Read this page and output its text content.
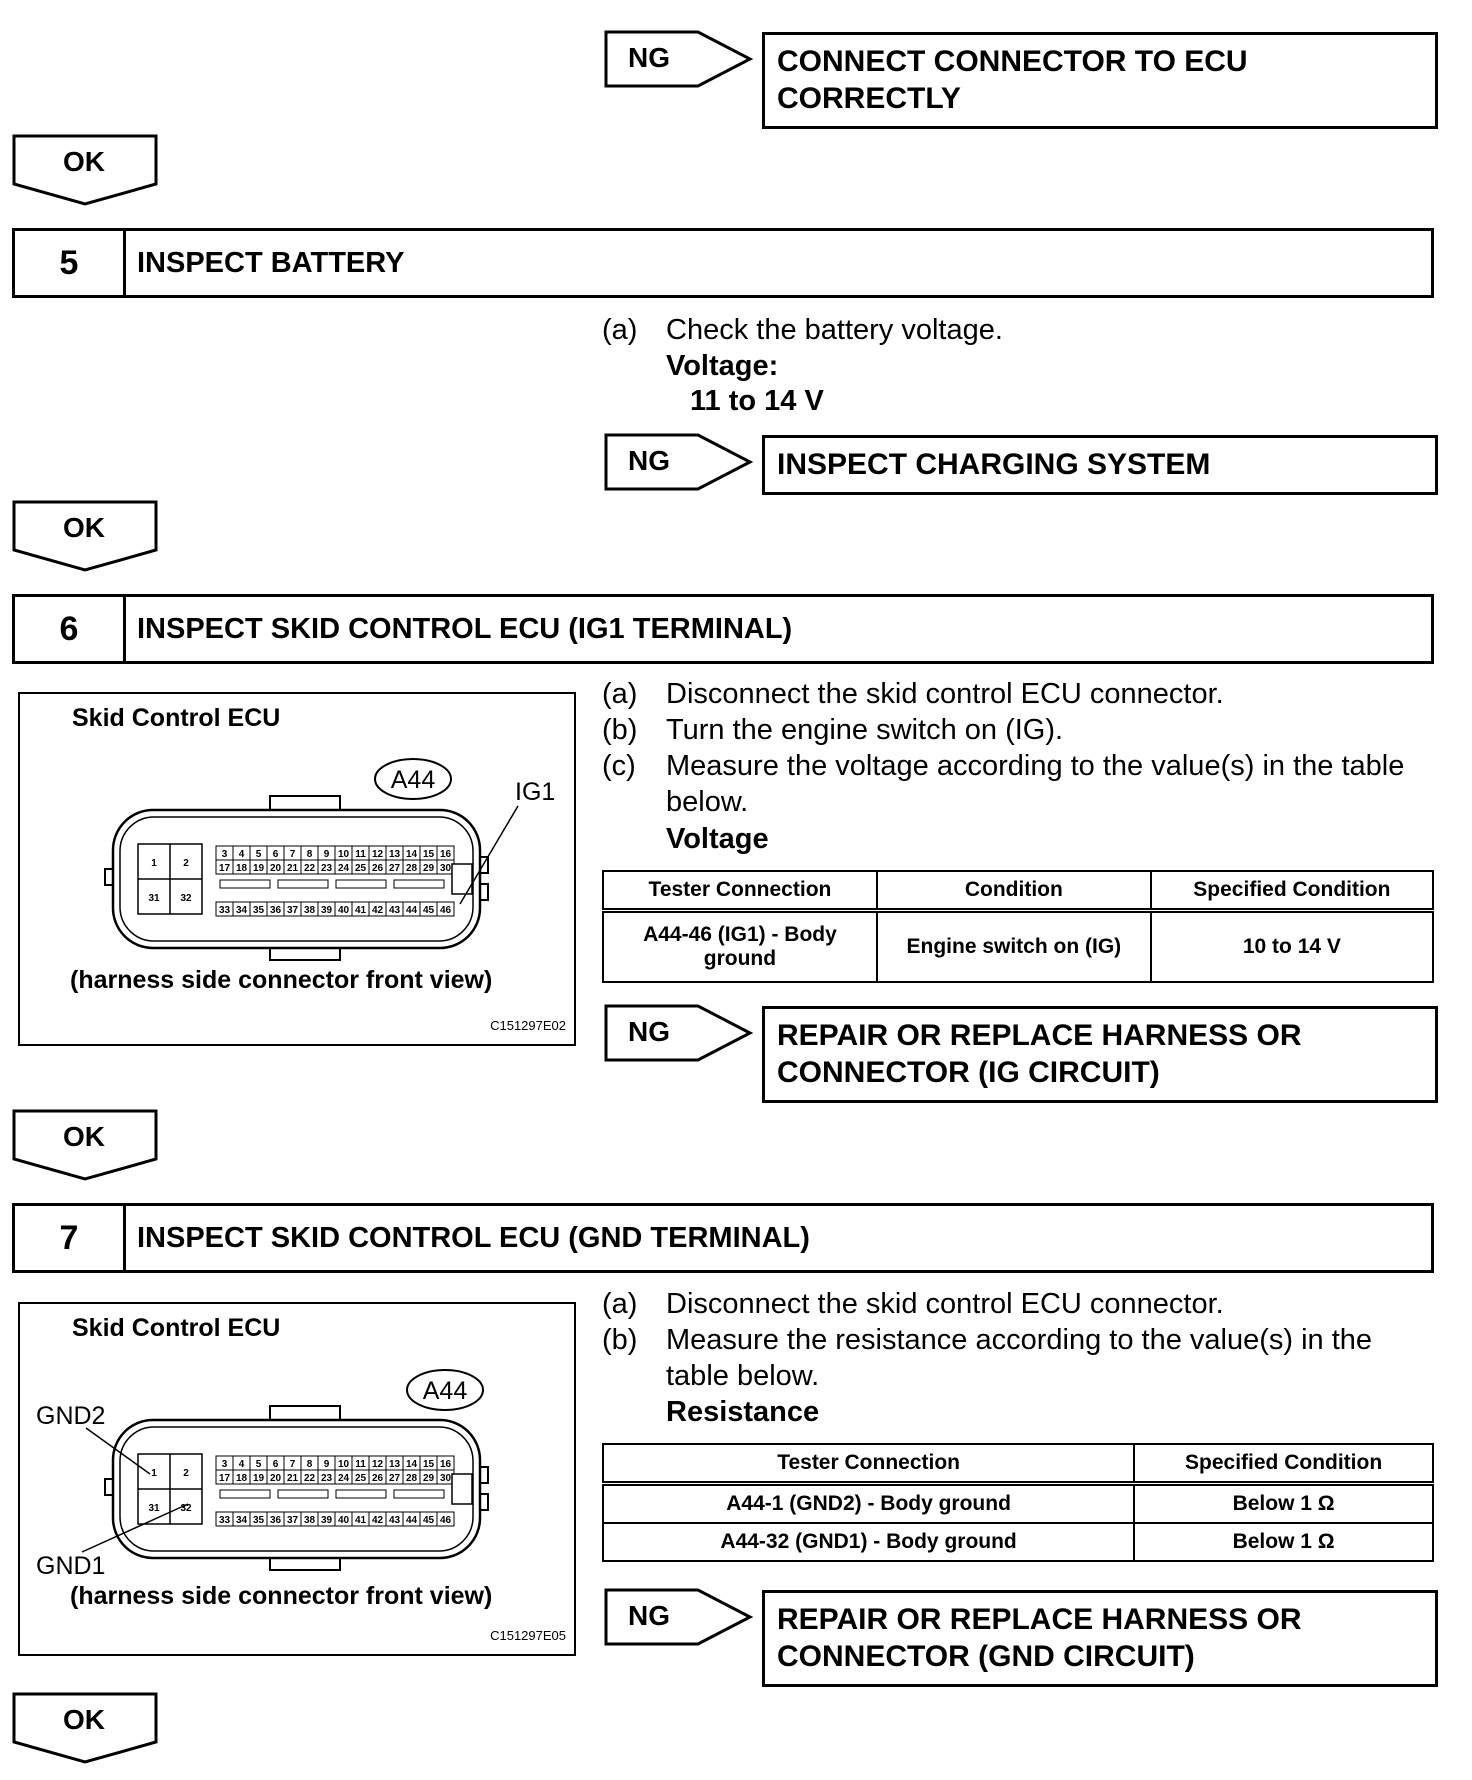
NG	CONNECT CONNECTOR TO ECU CORRECTLY
OK
5	INSPECT BATTERY
(a) Check the battery voltage.
Voltage:
11 to 14 V
NG	INSPECT CHARGING SYSTEM
OK
6	INSPECT SKID CONTROL ECU (IG1 TERMINAL)
Skid Control ECU
A44	IG1
1	2
31 32
3 4 5 6 7 8 9 10 11 12 13 14 15 16
17 18 19 20 21 22 23 24 25 26 27 28 29 30
33 34 35 36 37 38 39 40 41 42 43 44 45 46
(harness side connector front view)
C151297E02
(a) Disconnect the skid control ECU connector.
(b) Turn the engine switch on (IG).
(c) Measure the voltage according to the value(s) in the table below.
Voltage
Tester Connection	Condition	Specified Condition
A44-46 (IG1) - Body ground	Engine switch on (IG)	10 to 14 V
NG	REPAIR OR REPLACE HARNESS OR CONNECTOR (IG CIRCUIT)
OK
7	INSPECT SKID CONTROL ECU (GND TERMINAL)
Skid Control ECU
A44
GND2
GND1
1	2
31 32
3 4 5 6 7 8 9 10 11 12 13 14 15 16
17 18 19 20 21 22 23 24 25 26 27 28 29 30
33 34 35 36 37 38 39 40 41 42 43 44 45 46
(harness side connector front view)
C151297E05
(a) Disconnect the skid control ECU connector.
(b) Measure the resistance according to the value(s) in the table below.
Resistance
Tester Connection	Specified Condition
A44-1 (GND2) - Body ground	Below 1 Ω
A44-32 (GND1) - Body ground	Below 1 Ω
NG	REPAIR OR REPLACE HARNESS OR CONNECTOR (GND CIRCUIT)
OK
